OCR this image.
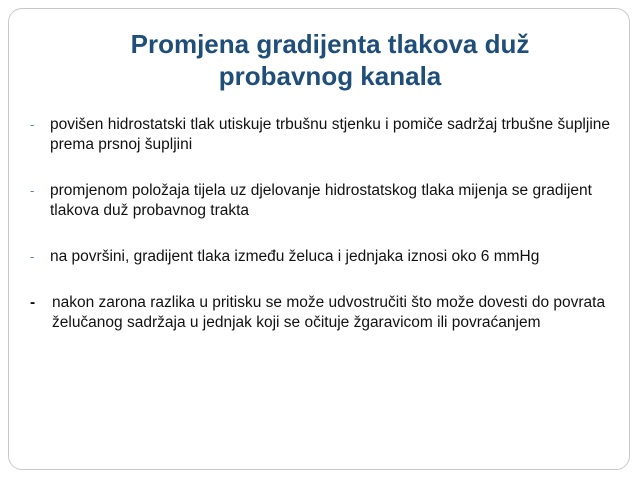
Promjena gradijenta tlakova duž
probavnog kanala
- povišen hidrostatski tlak utiskuje trbušnu stjenku i pomiče sadržaj trbušne šupljine prema prsnoj šupljini
- promjenom položaja tijela uz djelovanje hidrostatskog tlaka mijenja se gradijent tlakova duž probavnog trakta
- na površini, gradijent tlaka između želuca i jednjaka iznosi oko 6 mmHg
- nakon zarona razlika u pritisku se može udvostručiti što može dovesti do povrata želučanog sadržaja u jednjak koji se očituje žgaravicom ili povraćanjem
